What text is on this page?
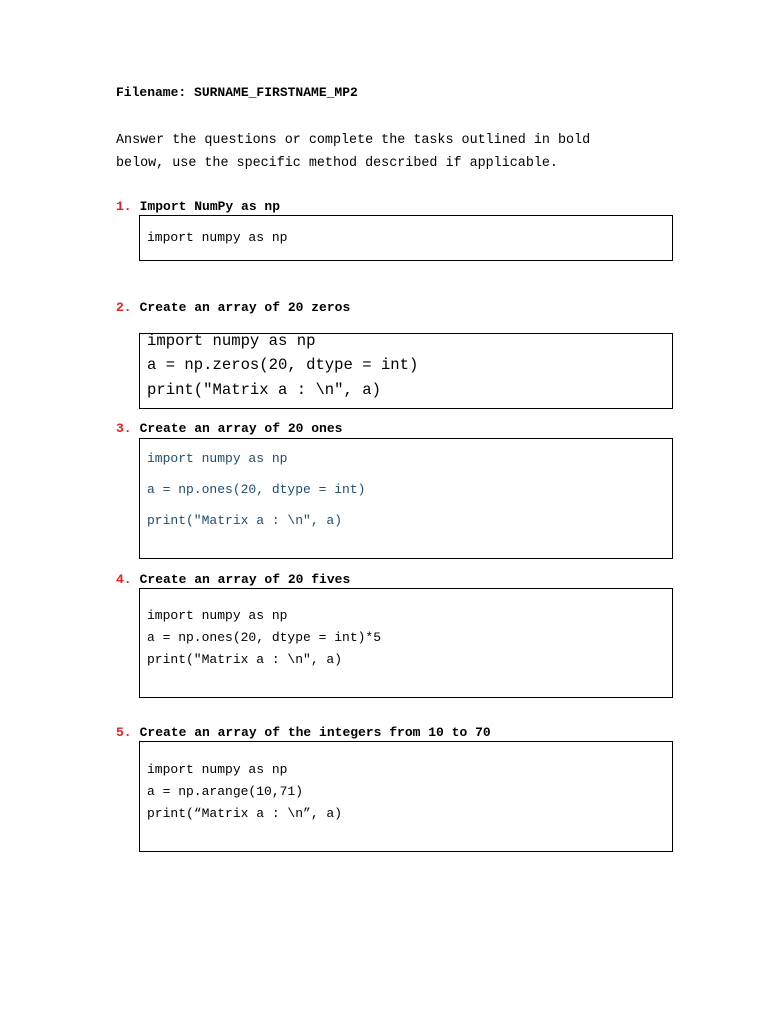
Filename: SURNAME_FIRSTNAME_MP2
Answer the questions or complete the tasks outlined in bold
below, use the specific method described if applicable.
1. Import NumPy as np
import numpy as np
2. Create an array of 20 zeros
import numpy as np
a = np.zeros(20, dtype = int)
print("Matrix a : \n", a)
3. Create an array of 20 ones
import numpy as np
a = np.ones(20, dtype = int)
print("Matrix a : \n", a)
4. Create an array of 20 fives
import numpy as np
a = np.ones(20, dtype = int)*5
print("Matrix a : \n", a)
5. Create an array of the integers from 10 to 70
import numpy as np
a = np.arange(10,71)
print(“Matrix a : \n”, a)
